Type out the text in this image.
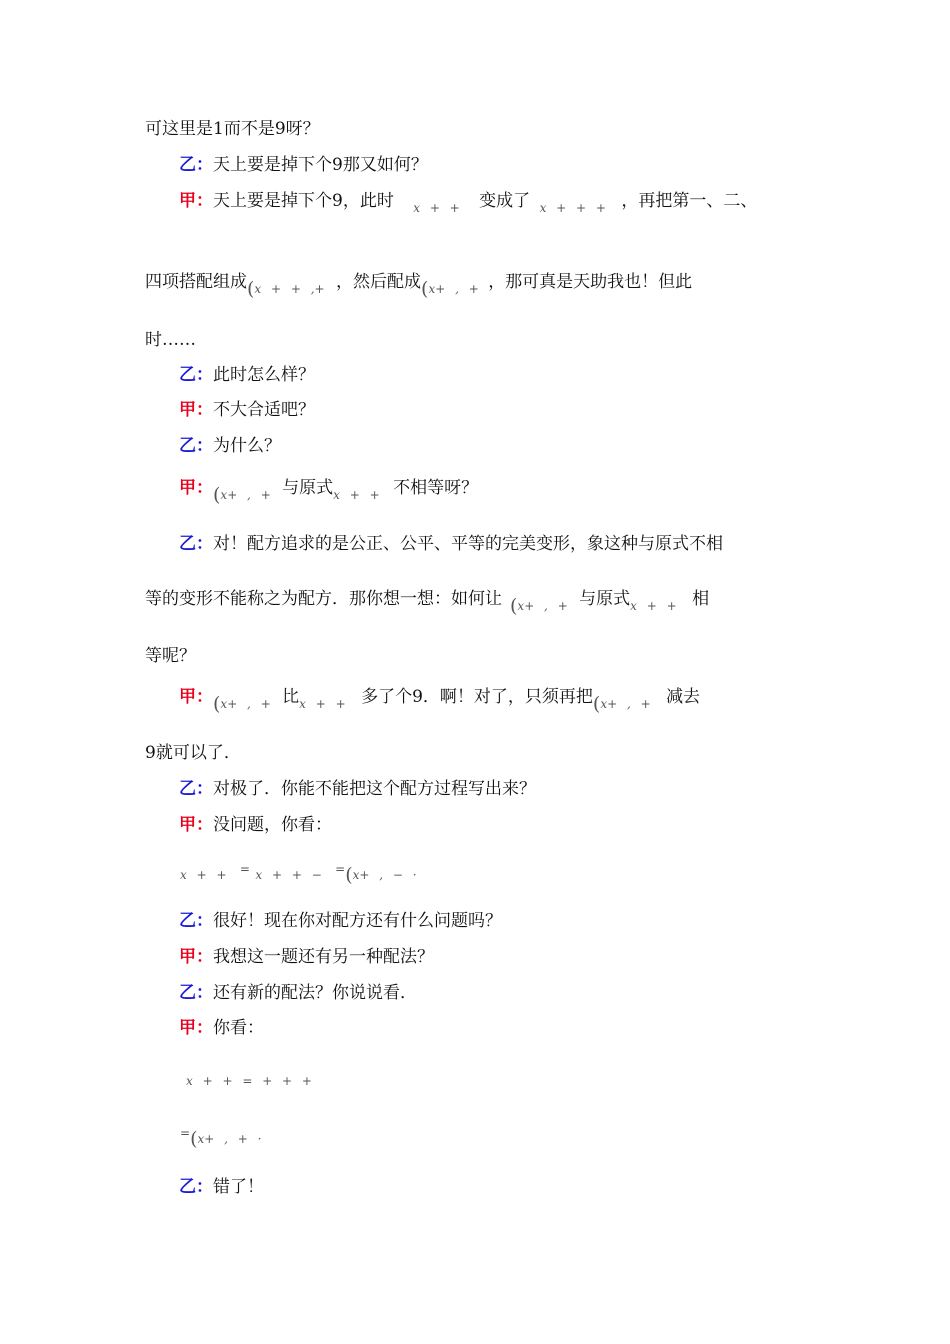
可这里是1而不是9呀？
乙：天上要是掉下个9那又如何？
甲：天上要是掉下个9，此时 $_{x + +}$ 变成了 $_{x + + +}$ ，再把第一、二、
四项搭配组成$_{(x + + ,+}$ ，然后配成$_{(x+ , +}$ ，那可真是天助我也！但此
时……
乙：此时怎么样？
甲：不大合适吧？
乙：为什么？
甲：$_{(x+ , +}$ 与原式$_{x + +}$ 不相等呀？
乙：对！配方追求的是公正、公平、平等的完美变形，象这种与原式不相
等的变形不能称之为配方．那你想一想：如何让 $_{(x+ , +}$ 与原式$_{x + +}$ 相
等呢？
甲：$_{(x+ , +}$ 比$_{x + +}$ 多了个9．啊！对了，只须再把$_{(x+ , +}$ 减去
9就可以了．
乙：对极了．你能不能把这个配方过程写出来？
甲：没问题，你看：
$_{x + +} = _{x + + -} =_{(x+ , - \cdot}$
乙：很好！现在你对配方还有什么问题吗？
甲：我想这一题还有另一种配法？
乙：还有新的配法？你说说看．
甲：你看：
$_{x + + = + + +}$
$=_{(x+ , + \cdot}$
乙：错了！
